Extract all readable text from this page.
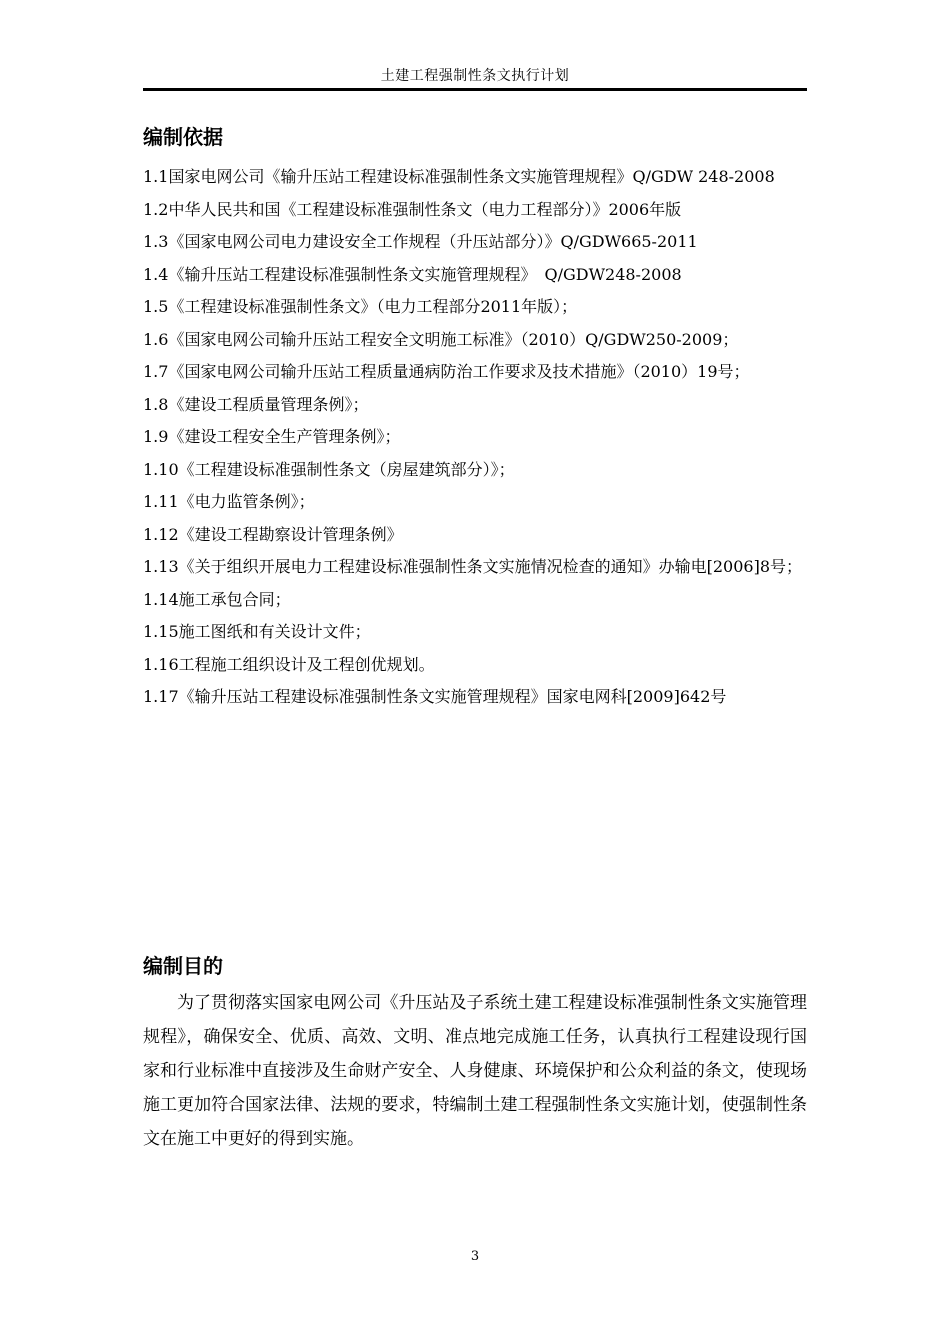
土建工程强制性条文执行计划
编制依据
1.1国家电网公司《输升压站工程建设标准强制性条文实施管理规程》Q/GDW 248-2008
1.2中华人民共和国《工程建设标准强制性条文（电力工程部分）》2006年版
1.3《国家电网公司电力建设安全工作规程（升压站部分）》Q/GDW665-2011
1.4《输升压站工程建设标准强制性条文实施管理规程》　Q/GDW248-2008
1.5《工程建设标准强制性条文》（电力工程部分2011年版）；
1.6《国家电网公司输升压站工程安全文明施工标准》（2010）Q/GDW250-2009；
1.7《国家电网公司输升压站工程质量通病防治工作要求及技术措施》（2010）19号；
1.8《建设工程质量管理条例》；
1.9《建设工程安全生产管理条例》；
1.10《工程建设标准强制性条文（房屋建筑部分）》；
1.11《电力监管条例》；
1.12《建设工程勘察设计管理条例》
1.13《关于组织开展电力工程建设标准强制性条文实施情况检查的通知》办输电[2006]8号；
1.14施工承包合同；
1.15施工图纸和有关设计文件；
1.16工程施工组织设计及工程创优规划。
1.17《输升压站工程建设标准强制性条文实施管理规程》国家电网科[2009]642号
编制目的

为了贯彻落实国家电网公司《升压站及子系统土建工程建设标准强制性条文实施管理规程》，确保安全、优质、高效、文明、准点地完成施工任务，认真执行工程建设现行国家和行业标准中直接涉及生命财产安全、人身健康、环境保护和公众利益的条文，使现场施工更加符合国家法律、法规的要求，特编制土建工程强制性条文实施计划，使强制性条文在施工中更好的得到实施。

3
